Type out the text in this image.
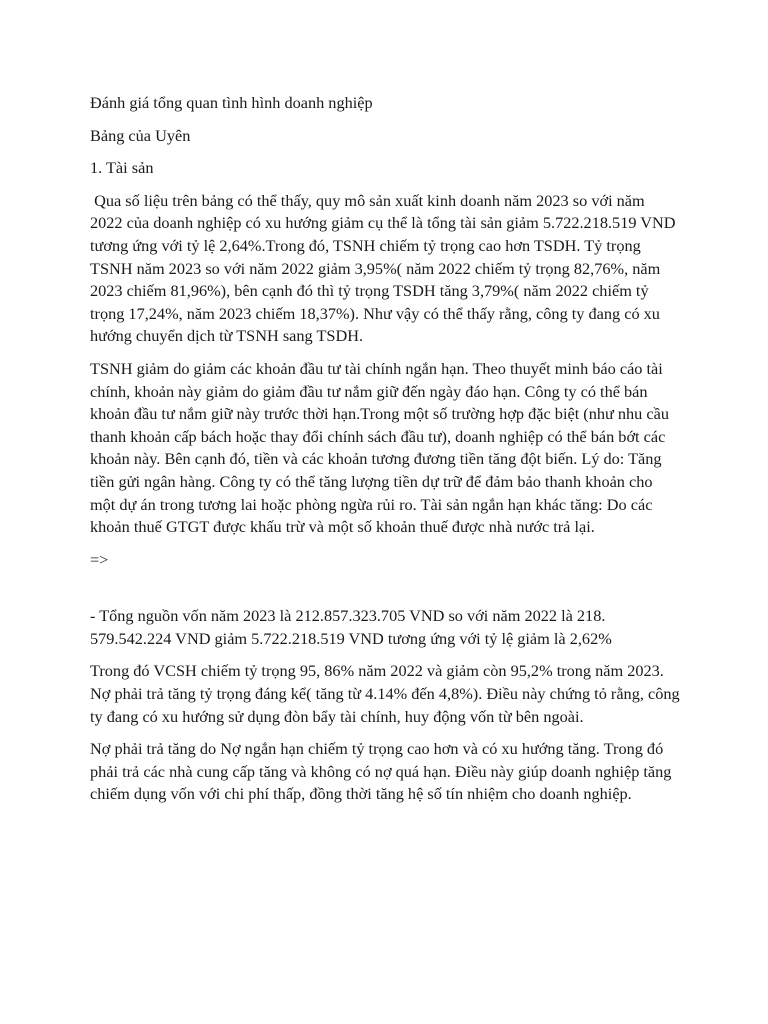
Đánh giá tổng quan tình hình doanh nghiệp

Bảng của Uyên

1. Tài sản

Qua số liệu trên bảng có thể thấy, quy mô sản xuất kinh doanh năm 2023 so với năm 2022 của doanh nghiệp có xu hướng giảm cụ thể là tổng tài sản giảm 5.722.218.519 VND tương ứng với tỷ lệ 2,64%.Trong đó, TSNH chiếm tỷ trọng cao hơn TSDH. Tỷ trọng TSNH năm 2023 so với năm 2022 giảm 3,95%( năm 2022 chiếm tỷ trọng 82,76%, năm 2023 chiếm 81,96%), bên cạnh đó thì tỷ trọng TSDH tăng 3,79%( năm 2022 chiếm tỷ trọng 17,24%, năm 2023 chiếm 18,37%). Như vậy có thể thấy rằng, công ty đang có xu hướng chuyển dịch từ TSNH sang TSDH.

TSNH giảm do giảm các khoản đầu tư tài chính ngắn hạn. Theo thuyết minh báo cáo tài chính, khoản này giảm do giảm đầu tư nắm giữ đến ngày đáo hạn. Công ty có thể bán khoản đầu tư nắm giữ này trước thời hạn.Trong một số trường hợp đặc biệt (như nhu cầu thanh khoản cấp bách hoặc thay đổi chính sách đầu tư), doanh nghiệp có thể bán bớt các khoản này. Bên cạnh đó, tiền và các khoản tương đương tiền tăng đột biến. Lý do: Tăng tiền gửi ngân hàng. Công ty có thể tăng lượng tiền dự trữ để đảm bảo thanh khoản cho một dự án trong tương lai hoặc phòng ngừa rủi ro. Tài sản ngắn hạn khác tăng: Do các khoản thuế GTGT được khấu trừ và một số khoản thuế được nhà nước trả lại.

=>

- Tổng nguồn vốn năm 2023 là 212.857.323.705 VND so với năm 2022 là 218. 579.542.224 VND giảm 5.722.218.519 VND tương ứng với tỷ lệ giảm là 2,62%

Trong đó VCSH chiếm tỷ trọng 95, 86% năm 2022 và giảm còn 95,2% trong năm 2023. Nợ phải trả tăng tỷ trọng đáng kể( tăng từ 4.14% đến 4,8%). Điều này chứng tỏ rằng, công ty đang có xu hướng sử dụng đòn bẩy tài chính, huy động vốn từ bên ngoài.

Nợ phải trả tăng do Nợ ngắn hạn chiếm tỷ trọng cao hơn và có xu hướng tăng. Trong đó phải trả các nhà cung cấp tăng và không có nợ quá hạn. Điều này giúp doanh nghiệp tăng chiếm dụng vốn với chi phí thấp, đồng thời tăng hệ số tín nhiệm cho doanh nghiệp.
